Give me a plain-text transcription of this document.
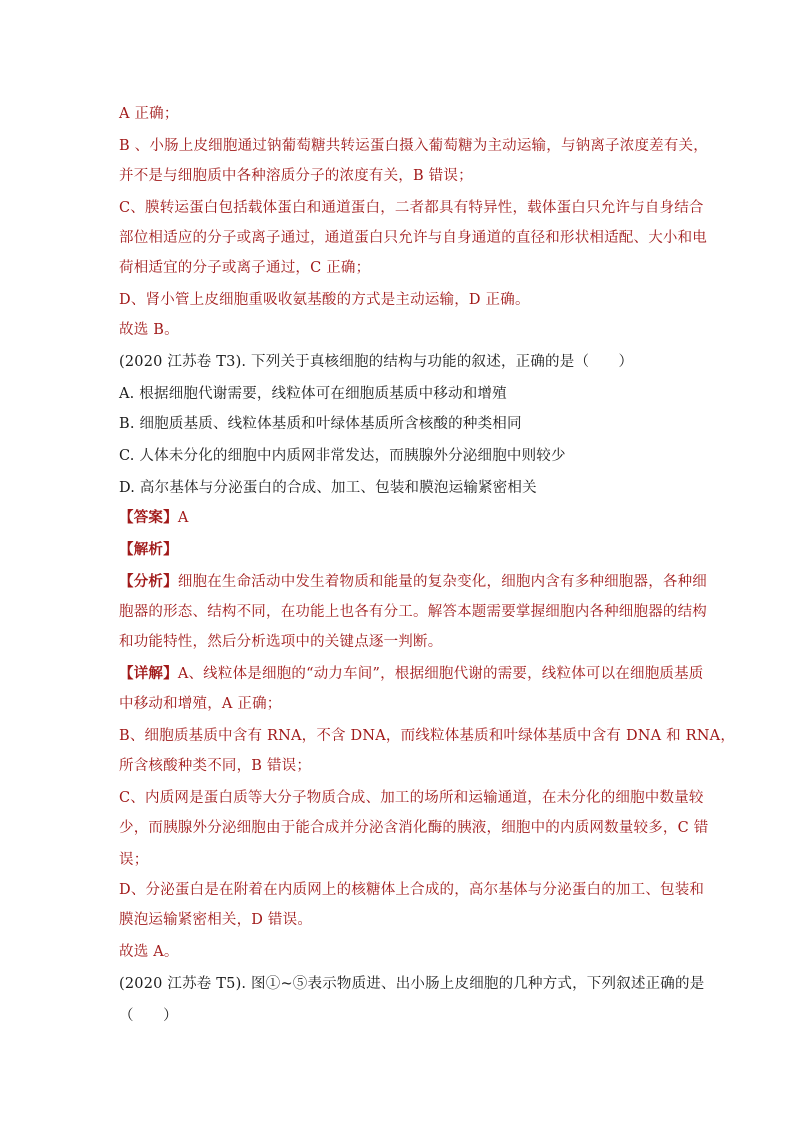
A 正确；
B 、小肠上皮细胞通过钠葡萄糖共转运蛋白摄入葡萄糖为主动运输，与钠离子浓度差有关，
并不是与细胞质中各种溶质分子的浓度有关，B 错误；
C、膜转运蛋白包括载体蛋白和通道蛋白，二者都具有特异性，载体蛋白只允许与自身结合
部位相适应的分子或离子通过，通道蛋白只允许与自身通道的直径和形状相适配、大小和电
荷相适宜的分子或离子通过，C 正确；
D、肾小管上皮细胞重吸收氨基酸的方式是主动运输，D 正确。
故选 B。
(2020 江苏卷 T3). 下列关于真核细胞的结构与功能的叙述，正确的是（　　）
A. 根据细胞代谢需要，线粒体可在细胞质基质中移动和增殖
B. 细胞质基质、线粒体基质和叶绿体基质所含核酸的种类相同
C. 人体未分化的细胞中内质网非常发达，而胰腺外分泌细胞中则较少
D. 高尔基体与分泌蛋白的合成、加工、包装和膜泡运输紧密相关
【答案】A
【解析】
【分析】细胞在生命活动中发生着物质和能量的复杂变化，细胞内含有多种细胞器，各种细
胞器的形态、结构不同，在功能上也各有分工。解答本题需要掌握细胞内各种细胞器的结构
和功能特性，然后分析选项中的关键点逐一判断。
【详解】A、线粒体是细胞的“动力车间”，根据细胞代谢的需要，线粒体可以在细胞质基质
中移动和增殖，A 正确；
B、细胞质基质中含有 RNA，不含 DNA，而线粒体基质和叶绿体基质中含有 DNA 和 RNA，
所含核酸种类不同，B 错误；
C、内质网是蛋白质等大分子物质合成、加工的场所和运输通道，在未分化的细胞中数量较
少，而胰腺外分泌细胞由于能合成并分泌含消化酶的胰液，细胞中的内质网数量较多，C 错
误；
D、分泌蛋白是在附着在内质网上的核糖体上合成的，高尔基体与分泌蛋白的加工、包装和
膜泡运输紧密相关，D 错误。
故选 A。
(2020 江苏卷 T5). 图①~⑤表示物质进、出小肠上皮细胞的几种方式，下列叙述正确的是
（　　）
